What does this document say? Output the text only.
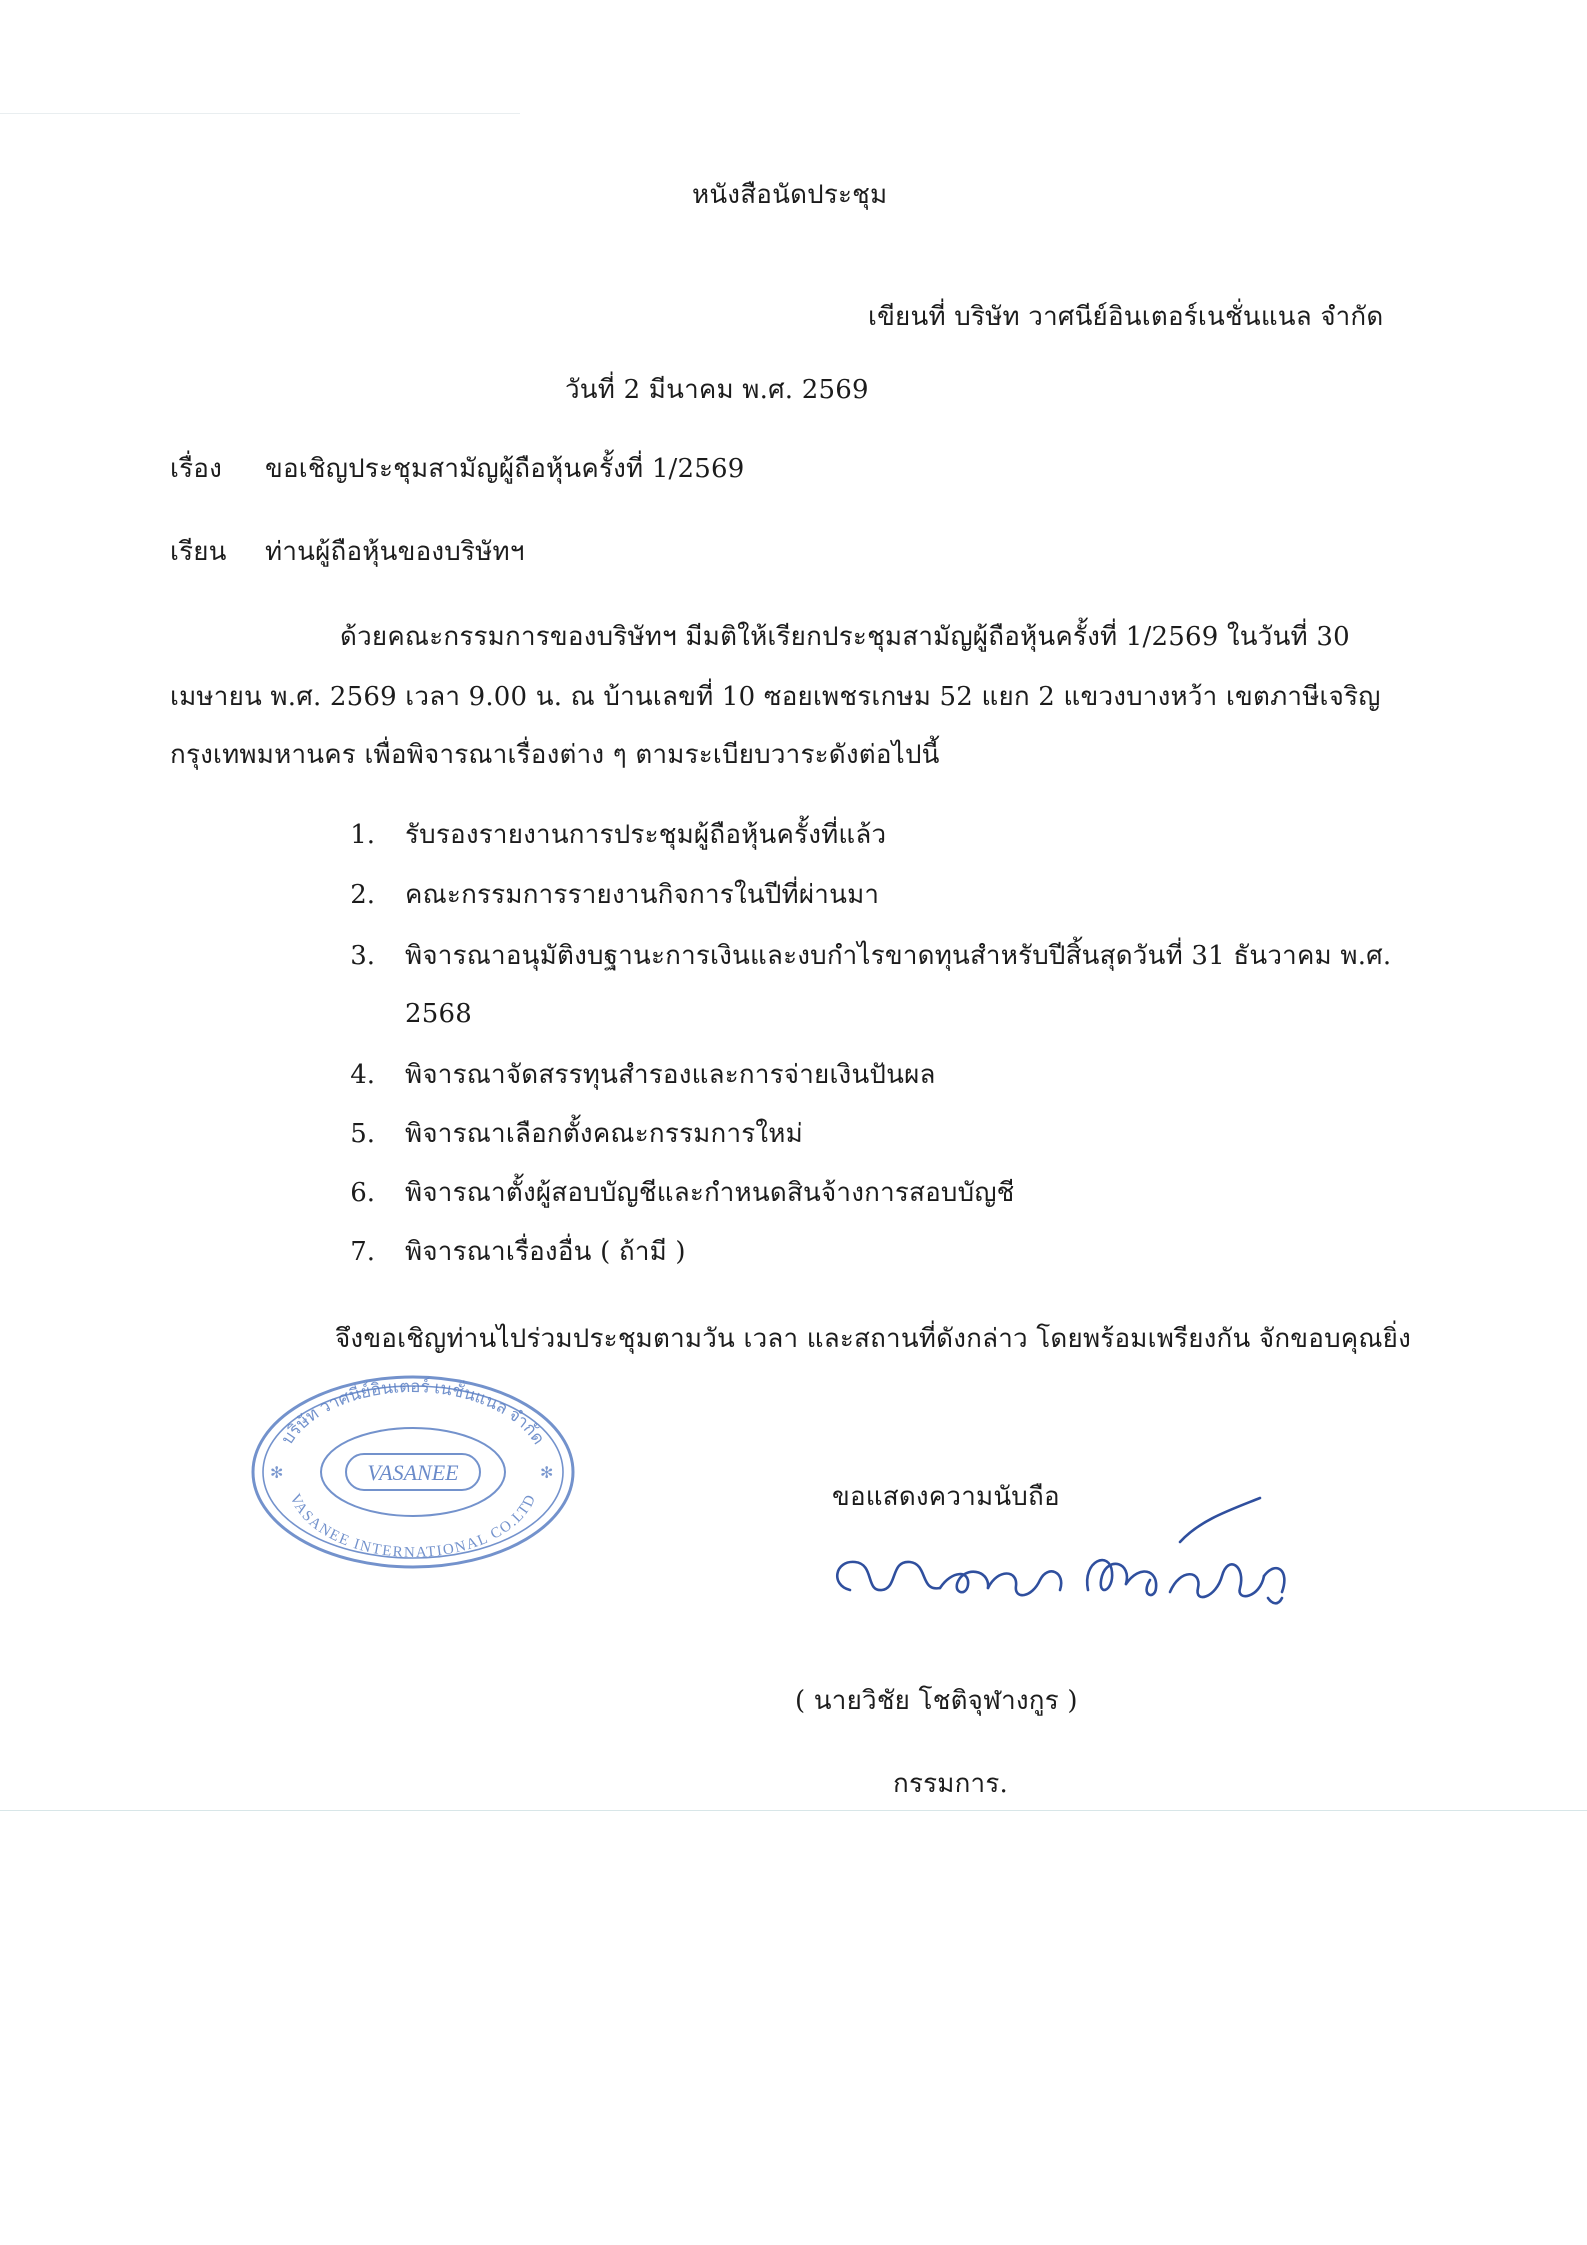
หนังสือนัดประชุม
เขียนที่ บริษัท วาศนีย์อินเตอร์เนชั่นแนล จำกัด
วันที่ 2 มีนาคม พ.ศ. 2569
เรื่อง ขอเชิญประชุมสามัญผู้ถือหุ้นครั้งที่ 1/2569
เรียน ท่านผู้ถือหุ้นของบริษัทฯ
ด้วยคณะกรรมการของบริษัทฯ มีมติให้เรียกประชุมสามัญผู้ถือหุ้นครั้งที่ 1/2569 ในวันที่ 30
เมษายน พ.ศ. 2569 เวลา 9.00 น. ณ บ้านเลขที่ 10 ซอยเพชรเกษม 52 แยก 2 แขวงบางหว้า เขตภาษีเจริญ
กรุงเทพมหานคร เพื่อพิจารณาเรื่องต่าง ๆ ตามระเบียบวาระดังต่อไปนี้
1. รับรองรายงานการประชุมผู้ถือหุ้นครั้งที่แล้ว
2. คณะกรรมการรายงานกิจการในปีที่ผ่านมา
3. พิจารณาอนุมัติงบฐานะการเงินและงบกำไรขาดทุนสำหรับปีสิ้นสุดวันที่ 31 ธันวาคม พ.ศ.
2568
4. พิจารณาจัดสรรทุนสำรองและการจ่ายเงินปันผล
5. พิจารณาเลือกตั้งคณะกรรมการใหม่
6. พิจารณาตั้งผู้สอบบัญชีและกำหนดสินจ้างการสอบบัญชี
7. พิจารณาเรื่องอื่น ( ถ้ามี )
จึงขอเชิญท่านไปร่วมประชุมตามวัน เวลา และสถานที่ดังกล่าว โดยพร้อมเพรียงกัน จักขอบคุณยิ่ง
บริษัท วาศนีย์อินเตอร์ เนชั่นแนล จำกัด
VASANEE INTERNATIONAL CO.LTD
VASANEE
✻	✻
ขอแสดงความนับถือ
( นายวิชัย โชติจุฬางกูร )
กรรมการ.
